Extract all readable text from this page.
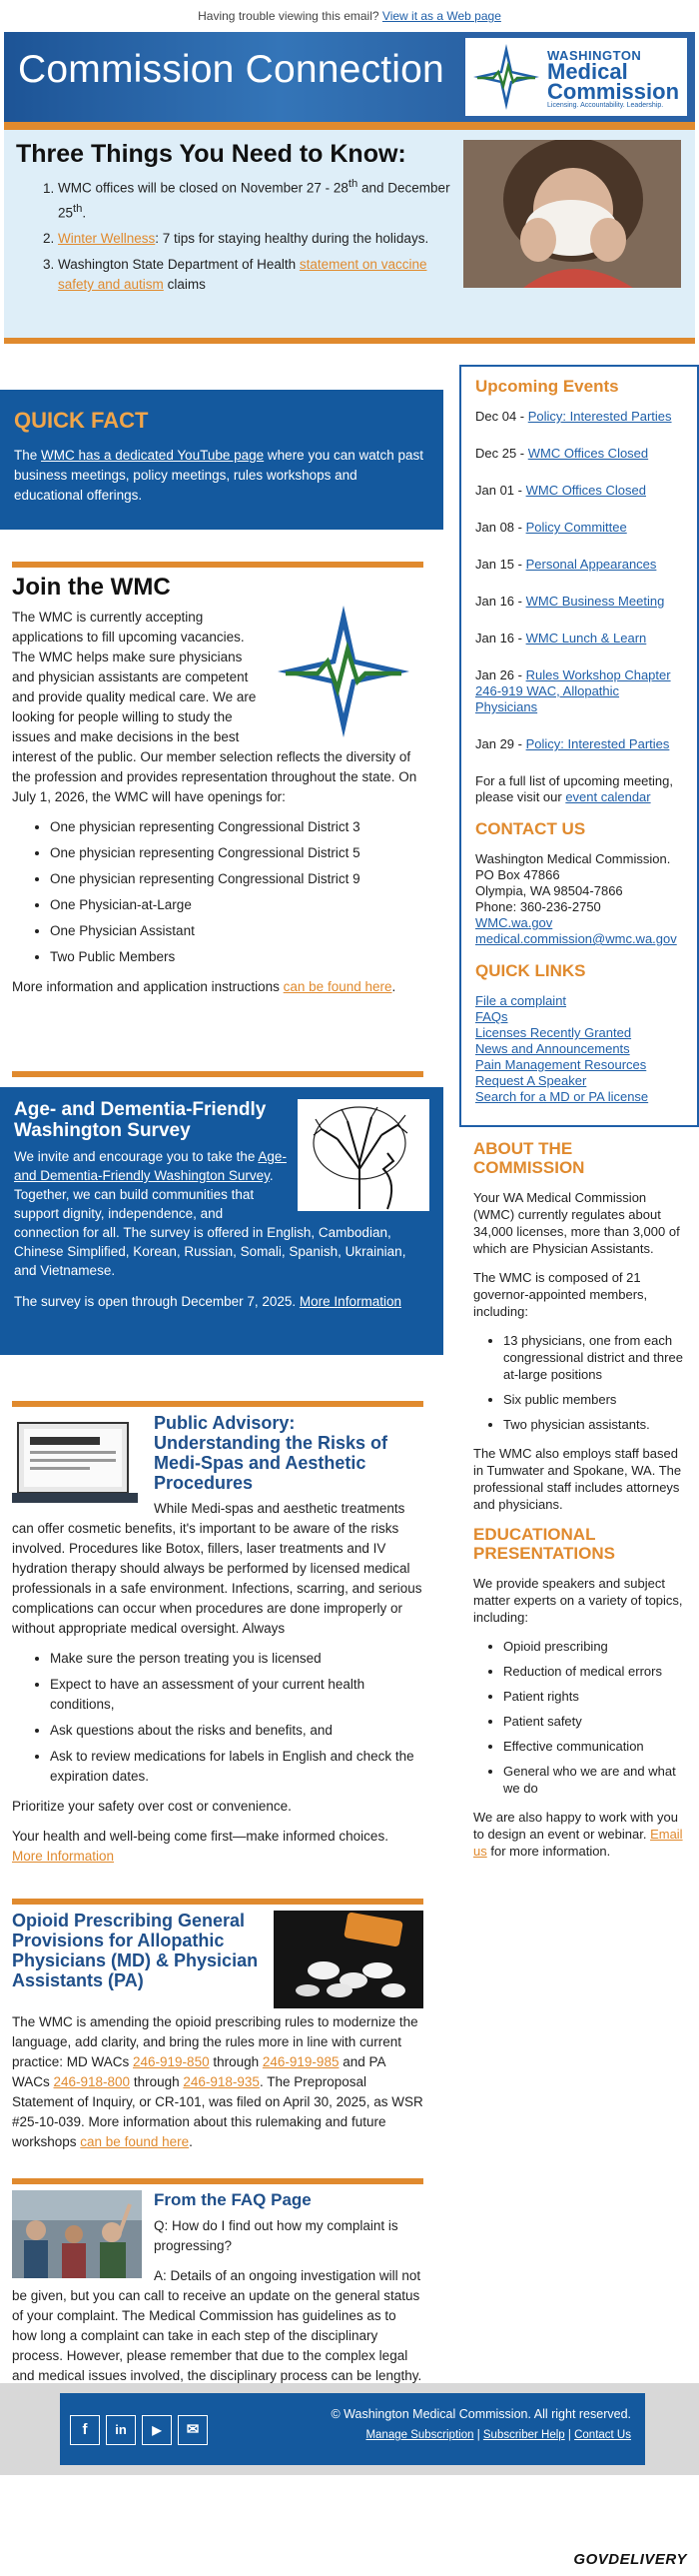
Having trouble viewing this email? View it as a Web page
Commission Connection	WASHINGTON
Medical
Commission
Licensing. Accountability. Leadership.
Three Things You Need to Know:
1. WMC offices will be closed on November 27 - 28th and December 25th.
2. Winter Wellness: 7 tips for staying healthy during the holidays.
3. Washington State Department of Health statement on vaccine safety and autism claims
QUICK FACT

The WMC has a dedicated YouTube page where you can watch past business meetings, policy meetings, rules workshops and educational offerings.

Join the WMC

The WMC is currently accepting applications to fill upcoming vacancies. The WMC helps make sure physicians and physician assistants are competent and provide quality medical care. We are looking for people willing to study the issues and make decisions in the best interest of the public. Our member selection reflects the diversity of the profession and provides representation throughout the state. On July 1, 2026, the WMC will have openings for:

• One physician representing Congressional District 3
• One physician representing Congressional District 5
• One physician representing Congressional District 9
• One Physician-at-Large
• One Physician Assistant
• Two Public Members

More information and application instructions can be found here.

Age- and Dementia-Friendly Washington Survey

We invite and encourage you to take the Age- and Dementia-Friendly Washington Survey. Together, we can build communities that support dignity, independence, and connection for all. The survey is offered in English, Cambodian, Chinese Simplified, Korean, Russian, Somali, Spanish, Ukrainian, and Vietnamese.

The survey is open through December 7, 2025. More Information

Public Advisory: Understanding the Risks of Medi-Spas and Aesthetic Procedures

While Medi-spas and aesthetic treatments can offer cosmetic benefits, it's important to be aware of the risks involved. Procedures like Botox, fillers, laser treatments and IV hydration therapy should always be performed by licensed medical professionals in a safe environment. Infections, scarring, and serious complications can occur when procedures are done improperly or without appropriate medical oversight. Always

• Make sure the person treating you is licensed
• Expect to have an assessment of your current health conditions,
• Ask questions about the risks and benefits, and
• Ask to review medications for labels in English and check the expiration dates.

Prioritize your safety over cost or convenience.

Your health and well-being come first—make informed choices.
More Information

Opioid Prescribing General Provisions for Allopathic Physicians (MD) & Physician Assistants (PA)

The WMC is amending the opioid prescribing rules to modernize the language, add clarity, and bring the rules more in line with current practice: MD WACs 246-919-850 through 246-919-985 and PA WACs 246-918-800 through 246-918-935. The Preproposal Statement of Inquiry, or CR-101, was filed on April 30, 2025, as WSR #25-10-039. More information about this rulemaking and future workshops can be found here.

From the FAQ Page

Q: How do I find out how my complaint is progressing?

A: Details of an ongoing investigation will not be given, but you can call to receive an update on the general status of your complaint. The Medical Commission has guidelines as to how long a complaint can take in each step of the disciplinary process. However, please remember that due to the complex legal and medical issues involved, the disciplinary process can be lengthy.

Upcoming Events
Dec 04 - Policy: Interested Parties
Dec 25 - WMC Offices Closed
Jan 01 - WMC Offices Closed
Jan 08 - Policy Committee
Jan 15 - Personal Appearances
Jan 16 - WMC Business Meeting
Jan 16 - WMC Lunch & Learn
Jan 26 - Rules Workshop Chapter 246-919 WAC, Allopathic Physicians
Jan 29 - Policy: Interested Parties

For a full list of upcoming meeting, please visit our event calendar

CONTACT US

Washington Medical Commission.
PO Box 47866
Olympia, WA 98504-7866
Phone: 360-236-2750
WMC.wa.gov
medical.commission@wmc.wa.gov

QUICK LINKS

File a complaint
FAQs
Licenses Recently Granted
News and Announcements
Pain Management Resources
Request A Speaker
Search for a MD or PA license

ABOUT THE COMMISSION

Your WA Medical Commission (WMC) currently regulates about 34,000 licenses, more than 3,000 of which are Physician Assistants.

The WMC is composed of 21 governor-appointed members, including:

• 13 physicians, one from each congressional district and three at-large positions
• Six public members
• Two physician assistants.

The WMC also employs staff based in Tumwater and Spokane, WA. The professional staff includes attorneys and physicians.

EDUCATIONAL PRESENTATIONS

We provide speakers and subject matter experts on a variety of topics, including:

• Opioid prescribing
• Reduction of medical errors
• Patient rights
• Patient safety
• Effective communication
• General who we are and what we do

We are also happy to work with you to design an event or webinar. Email us for more information.

f	in	▶	✉
© Washington Medical Commission. All right reserved.
Manage Subscription | Subscriber Help | Contact Us
GOVDELIVERY
